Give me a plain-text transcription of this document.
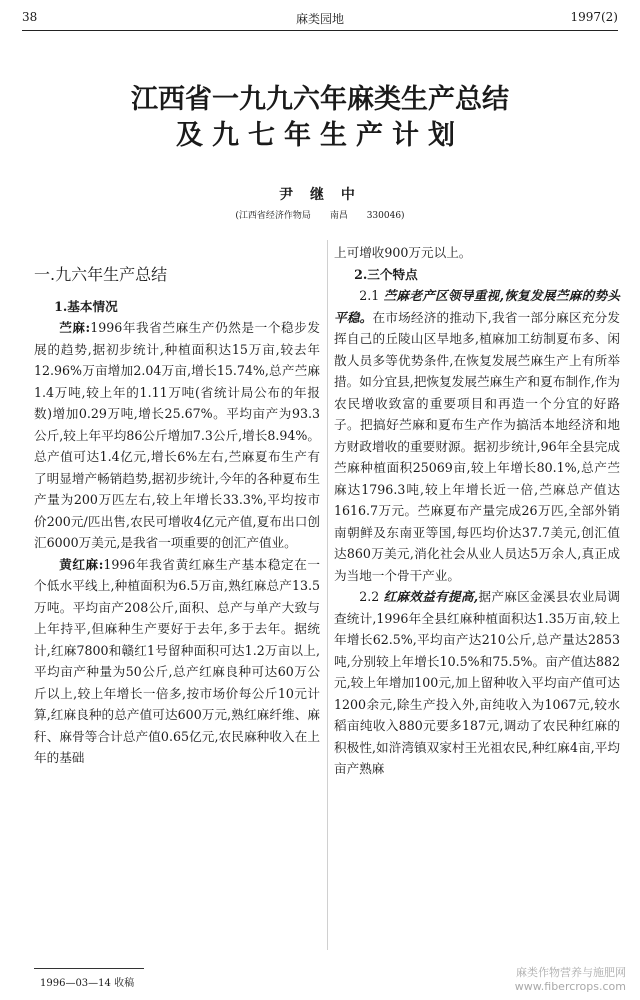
38	麻类园地	1997(2)
江西省一九九六年麻类生产总结
及九七年生产计划
尹 继 中
(江西省经济作物局 南昌 330046)
一.九六年生产总结

1.基本情况

苎麻:1996年我省苎麻生产仍然是一个稳步发展的趋势,据初步统计,种植面积达15万亩,较去年12.96%万亩增加2.04万亩,增长15.74%,总产苎麻1.4万吨,较上年的1.11万吨(省统计局公布的年报数)增加0.29万吨,增长25.67%。平均亩产为93.3公斤,较上年平均86公斤增加7.3公斤,增长8.94%。总产值可达1.4亿元,增长6%左右,苎麻夏布生产有了明显增产畅销趋势,据初步统计,今年的各种夏布生产量为200万匹左右,较上年增长33.3%,平均按市价200元/匹出售,农民可增收4亿元产值,夏布出口创汇6000万美元,是我省一项重要的创汇产值业。

黄红麻:1996年我省黄红麻生产基本稳定在一个低水平线上,种植面积为6.5万亩,熟红麻总产13.5万吨。平均亩产208公斤,面积、总产与单产大致与上年持平,但麻种生产要好于去年,多于去年。据统计,红麻7800和赣红1号留种面积可达1.2万亩以上,平均亩产种量为50公斤,总产红麻良种可达60万公斤以上,较上年增长一倍多,按市场价每公斤10元计算,红麻良种的总产值可达600万元,熟红麻纤维、麻秆、麻骨等合计总产值0.65亿元,农民麻种收入在上年的基础

上可增收900万元以上。

2.三个特点

2.1 苎麻老产区领导重视,恢复发展苎麻的势头平稳。在市场经济的推动下,我省一部分麻区充分发挥自己的丘陵山区旱地多,植麻加工纺制夏布多、闲散人员多等优势条件,在恢复发展苎麻生产上有所举措。如分宜县,把恢复发展苎麻生产和夏布制作,作为农民增收致富的重要项目和再造一个分宜的好路子。把搞好苎麻和夏布生产作为搞活本地经济和地方财政增收的重要财源。据初步统计,96年全县完成苎麻种植面积25069亩,较上年增长80.1%,总产苎麻达1796.3吨,较上年增长近一倍,苎麻总产值达1616.7万元。苎麻夏布产量完成26万匹,全部外销南朝鲜及东南亚等国,每匹均价达37.7美元,创汇值达860万美元,消化社会从业人员达5万余人,真正成为当地一个骨干产业。

2.2 红麻效益有提高,据产麻区金溪县农业局调查统计,1996年全县红麻种植面积达1.35万亩,较上年增长62.5%,平均亩产达210公斤,总产量达2853吨,分别较上年增长10.5%和75.5%。亩产值达882元,较上年增加100元,加上留种收入平均亩产值可达1200余元,除生产投入外,亩纯收入为1067元,较水稻亩纯收入880元要多187元,调动了农民种红麻的积极性,如浒湾镇双家村王光祖农民,种红麻4亩,平均亩产熟麻

1996—03—14 收稿
麻类作物营养与施肥网
www.fibercrops.com
